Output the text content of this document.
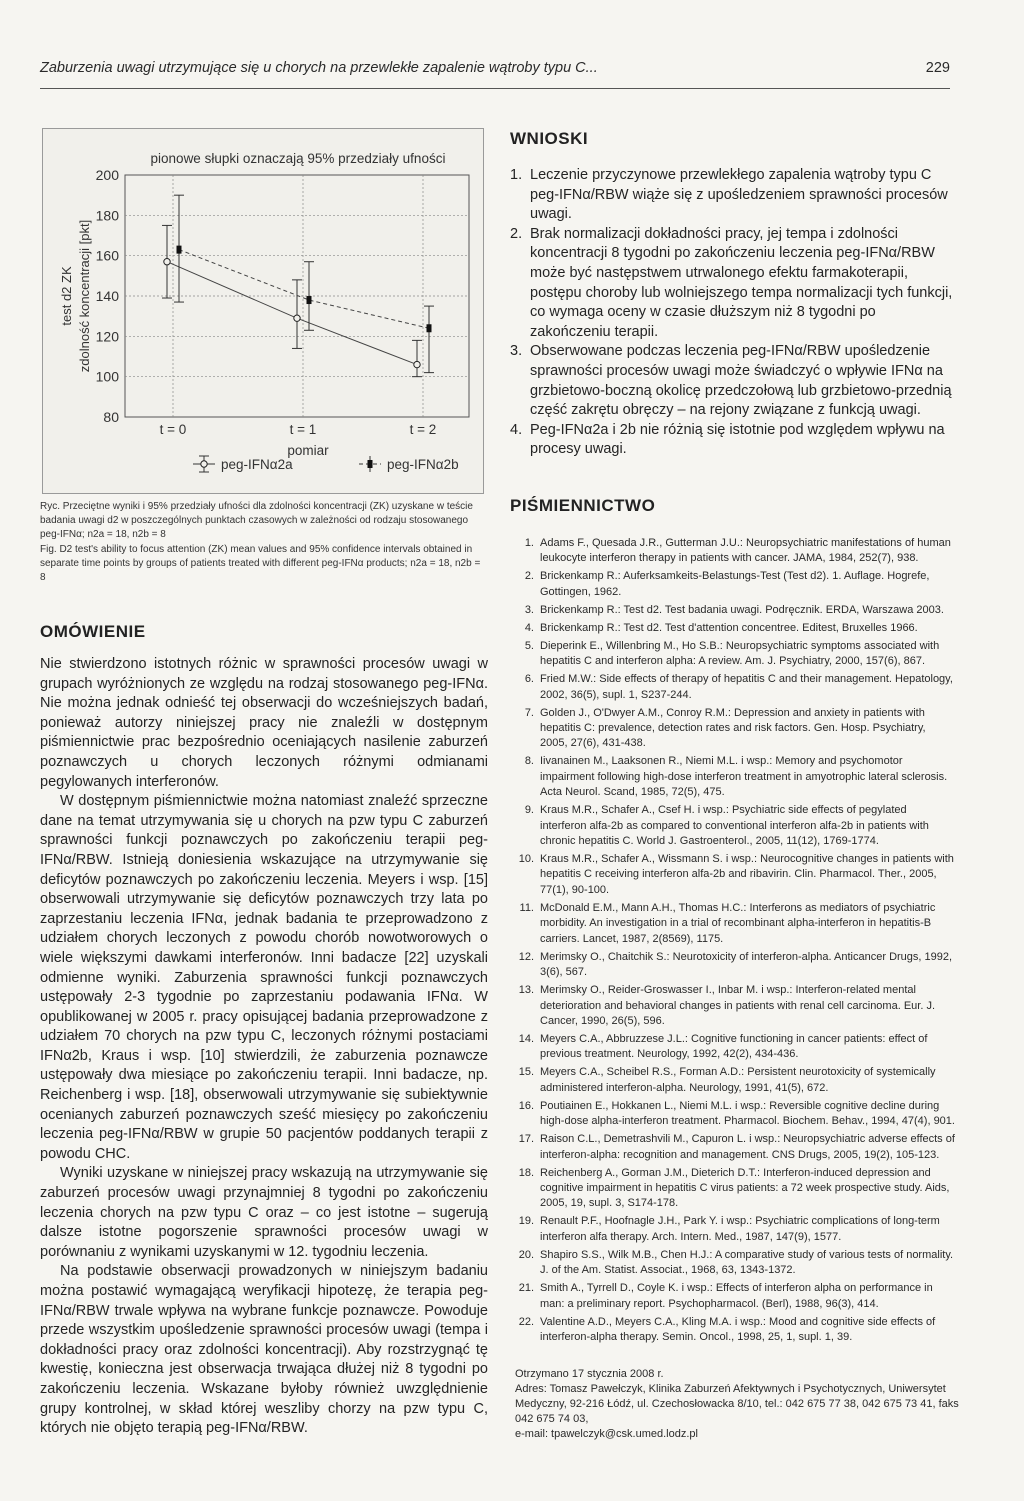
Zaburzenia uwagi utrzymujące się u chorych na przewlekłe zapalenie wątroby typu C...	229
80
100
120
140
160
180
200
t = 0	t = 1	t = 2
pomiar
pionowe słupki oznaczają 95% przedziały ufności
test d2 ZK zdolność koncentracji [pkt]
peg-IFNα2a	peg-IFNα2b

Ryc. Przeciętne wyniki i 95% przedziały ufności dla zdolności koncentracji (ZK) uzyskane w teście badania uwagi d2 w poszczególnych punktach czasowych w zależności od rodzaju stosowanego peg-IFNα; n2a = 18, n2b = 8

Fig. D2 test's ability to focus attention (ZK) mean values and 95% confidence intervals obtained in separate time points by groups of patients treated with different peg-IFNα products; n2a = 18, n2b = 8

OMÓWIENIE

Nie stwierdzono istotnych różnic w sprawności procesów uwagi w grupach wyróżnionych ze względu na rodzaj stosowanego peg-IFNα. Nie można jednak odnieść tej obserwacji do wcześniejszych badań, ponieważ autorzy niniejszej pracy nie znaleźli w dostępnym piśmiennictwie prac bezpośrednio oceniających nasilenie zaburzeń poznawczych u chorych leczonych różnymi odmianami pegylowanych interferonów.

W dostępnym piśmiennictwie można natomiast znaleźć sprzeczne dane na temat utrzymywania się u chorych na pzw typu C zaburzeń sprawności funkcji poznawczych po zakończeniu terapii peg-IFNα/RBW. Istnieją doniesienia wskazujące na utrzymywanie się deficytów poznawczych po zakończeniu leczenia. Meyers i wsp. [15] obserwowali utrzymywanie się deficytów poznawczych trzy lata po zaprzestaniu leczenia IFNα, jednak badania te przeprowadzono z udziałem chorych leczonych z powodu chorób nowotworowych o wiele większymi dawkami interferonów. Inni badacze [22] uzyskali odmienne wyniki. Zaburzenia sprawności funkcji poznawczych ustępowały 2-3 tygodnie po zaprzestaniu podawania IFNα. W opublikowanej w 2005 r. pracy opisującej badania przeprowadzone z udziałem 70 chorych na pzw typu C, leczonych różnymi postaciami IFNα2b, Kraus i wsp. [10] stwierdzili, że zaburzenia poznawcze ustępowały dwa miesiące po zakończeniu terapii. Inni badacze, np. Reichenberg i wsp. [18], obserwowali utrzymywanie się subiektywnie ocenianych zaburzeń poznawczych sześć miesięcy po zakończeniu leczenia peg-IFNα/RBW w grupie 50 pacjentów poddanych terapii z powodu CHC.

Wyniki uzyskane w niniejszej pracy wskazują na utrzymywanie się zaburzeń procesów uwagi przynajmniej 8 tygodni po zakończeniu leczenia chorych na pzw typu C oraz – co jest istotne – sugerują dalsze istotne pogorszenie sprawności procesów uwagi w porównaniu z wynikami uzyskanymi w 12. tygodniu leczenia.

Na podstawie obserwacji prowadzonych w niniejszym badaniu można postawić wymagającą weryfikacji hipotezę, że terapia peg-IFNα/RBW trwale wpływa na wybrane funkcje poznawcze. Powoduje przede wszystkim upośledzenie sprawności procesów uwagi (tempa i dokładności pracy oraz zdolności koncentracji). Aby rozstrzygnąć tę kwestię, konieczna jest obserwacja trwająca dłużej niż 8 tygodni po zakończeniu leczenia. Wskazane byłoby również uwzględnienie grupy kontrolnej, w skład której weszliby chorzy na pzw typu C, których nie objęto terapią peg-IFNα/RBW.

WNIOSKI
1. Leczenie przyczynowe przewlekłego zapalenia wątroby typu C peg-IFNα/RBW wiąże się z upośledzeniem sprawności procesów uwagi.
2. Brak normalizacji dokładności pracy, jej tempa i zdolności koncentracji 8 tygodni po zakończeniu leczenia peg-IFNα/RBW może być następstwem utrwalonego efektu farmakoterapii, postępu choroby lub wolniejszego tempa normalizacji tych funkcji, co wymaga oceny w czasie dłuższym niż 8 tygodni po zakończeniu terapii.
3. Obserwowane podczas leczenia peg-IFNα/RBW upośledzenie sprawności procesów uwagi może świadczyć o wpływie IFNα na grzbietowo-boczną okolicę przedczołową lub grzbietowo-przednią część zakrętu obręczy – na rejony związane z funkcją uwagi.
4. Peg-IFNα2a i 2b nie różnią się istotnie pod względem wpływu na procesy uwagi.
PIŚMIENNICTWO
1. Adams F., Quesada J.R., Gutterman J.U.: Neuropsychiatric manifestations of human leukocyte interferon therapy in patients with cancer. JAMA, 1984, 252(7), 938.
2. Brickenkamp R.: Auferksamkeits-Belastungs-Test (Test d2). 1. Auflage. Hogrefe, Gottingen, 1962.
3. Brickenkamp R.: Test d2. Test badania uwagi. Podręcznik. ERDA, Warszawa 2003.
4. Brickenkamp R.: Test d2. Test d'attention concentree. Editest, Bruxelles 1966.
5. Dieperink E., Willenbring M., Ho S.B.: Neuropsychiatric symptoms associated with hepatitis C and interferon alpha: A review. Am. J. Psychiatry, 2000, 157(6), 867.
6. Fried M.W.: Side effects of therapy of hepatitis C and their management. Hepatology, 2002, 36(5), supl. 1, S237-244.
7. Golden J., O'Dwyer A.M., Conroy R.M.: Depression and anxiety in patients with hepatitis C: prevalence, detection rates and risk factors. Gen. Hosp. Psychiatry, 2005, 27(6), 431-438.
8. Iivanainen M., Laaksonen R., Niemi M.L. i wsp.: Memory and psychomotor impairment following high-dose interferon treatment in amyotrophic lateral sclerosis. Acta Neurol. Scand, 1985, 72(5), 475.
9. Kraus M.R., Schafer A., Csef H. i wsp.: Psychiatric side effects of pegylated interferon alfa-2b as compared to conventional interferon alfa-2b in patients with chronic hepatitis C. World J. Gastroenterol., 2005, 11(12), 1769-1774.
10. Kraus M.R., Schafer A., Wissmann S. i wsp.: Neurocognitive changes in patients with hepatitis C receiving interferon alfa-2b and ribavirin. Clin. Pharmacol. Ther., 2005, 77(1), 90-100.
11. McDonald E.M., Mann A.H., Thomas H.C.: Interferons as mediators of psychiatric morbidity. An investigation in a trial of recombinant alpha-interferon in hepatitis-B carriers. Lancet, 1987, 2(8569), 1175.
12. Merimsky O., Chaitchik S.: Neurotoxicity of interferon-alpha. Anticancer Drugs, 1992, 3(6), 567.
13. Merimsky O., Reider-Groswasser I., Inbar M. i wsp.: Interferon-related mental deterioration and behavioral changes in patients with renal cell carcinoma. Eur. J. Cancer, 1990, 26(5), 596.
14. Meyers C.A., Abbruzzese J.L.: Cognitive functioning in cancer patients: effect of previous treatment. Neurology, 1992, 42(2), 434-436.
15. Meyers C.A., Scheibel R.S., Forman A.D.: Persistent neurotoxicity of systemically administered interferon-alpha. Neurology, 1991, 41(5), 672.
16. Poutiainen E., Hokkanen L., Niemi M.L. i wsp.: Reversible cognitive decline during high-dose alpha-interferon treatment. Pharmacol. Biochem. Behav., 1994, 47(4), 901.
17. Raison C.L., Demetrashvili M., Capuron L. i wsp.: Neuropsychiatric adverse effects of interferon-alpha: recognition and management. CNS Drugs, 2005, 19(2), 105-123.
18. Reichenberg A., Gorman J.M., Dieterich D.T.: Interferon-induced depression and cognitive impairment in hepatitis C virus patients: a 72 week prospective study. Aids, 2005, 19, supl. 3, S174-178.
19. Renault P.F., Hoofnagle J.H., Park Y. i wsp.: Psychiatric complications of long-term interferon alfa therapy. Arch. Intern. Med., 1987, 147(9), 1577.
20. Shapiro S.S., Wilk M.B., Chen H.J.: A comparative study of various tests of normality. J. of the Am. Statist. Associat., 1968, 63, 1343-1372.
21. Smith A., Tyrrell D., Coyle K. i wsp.: Effects of interferon alpha on performance in man: a preliminary report. Psychopharmacol. (Berl), 1988, 96(3), 414.
22. Valentine A.D., Meyers C.A., Kling M.A. i wsp.: Mood and cognitive side effects of interferon-alpha therapy. Semin. Oncol., 1998, 25, 1, supl. 1, 39.

Otrzymano 17 stycznia 2008 r.

Adres: Tomasz Pawełczyk, Klinika Zaburzeń Afektywnych i Psychotycznych, Uniwersytet Medyczny, 92-216 Łódź, ul. Czechosłowacka 8/10, tel.: 042 675 77 38, 042 675 73 41, faks 042 675 74 03,

e-mail: tpawelczyk@csk.umed.lodz.pl
